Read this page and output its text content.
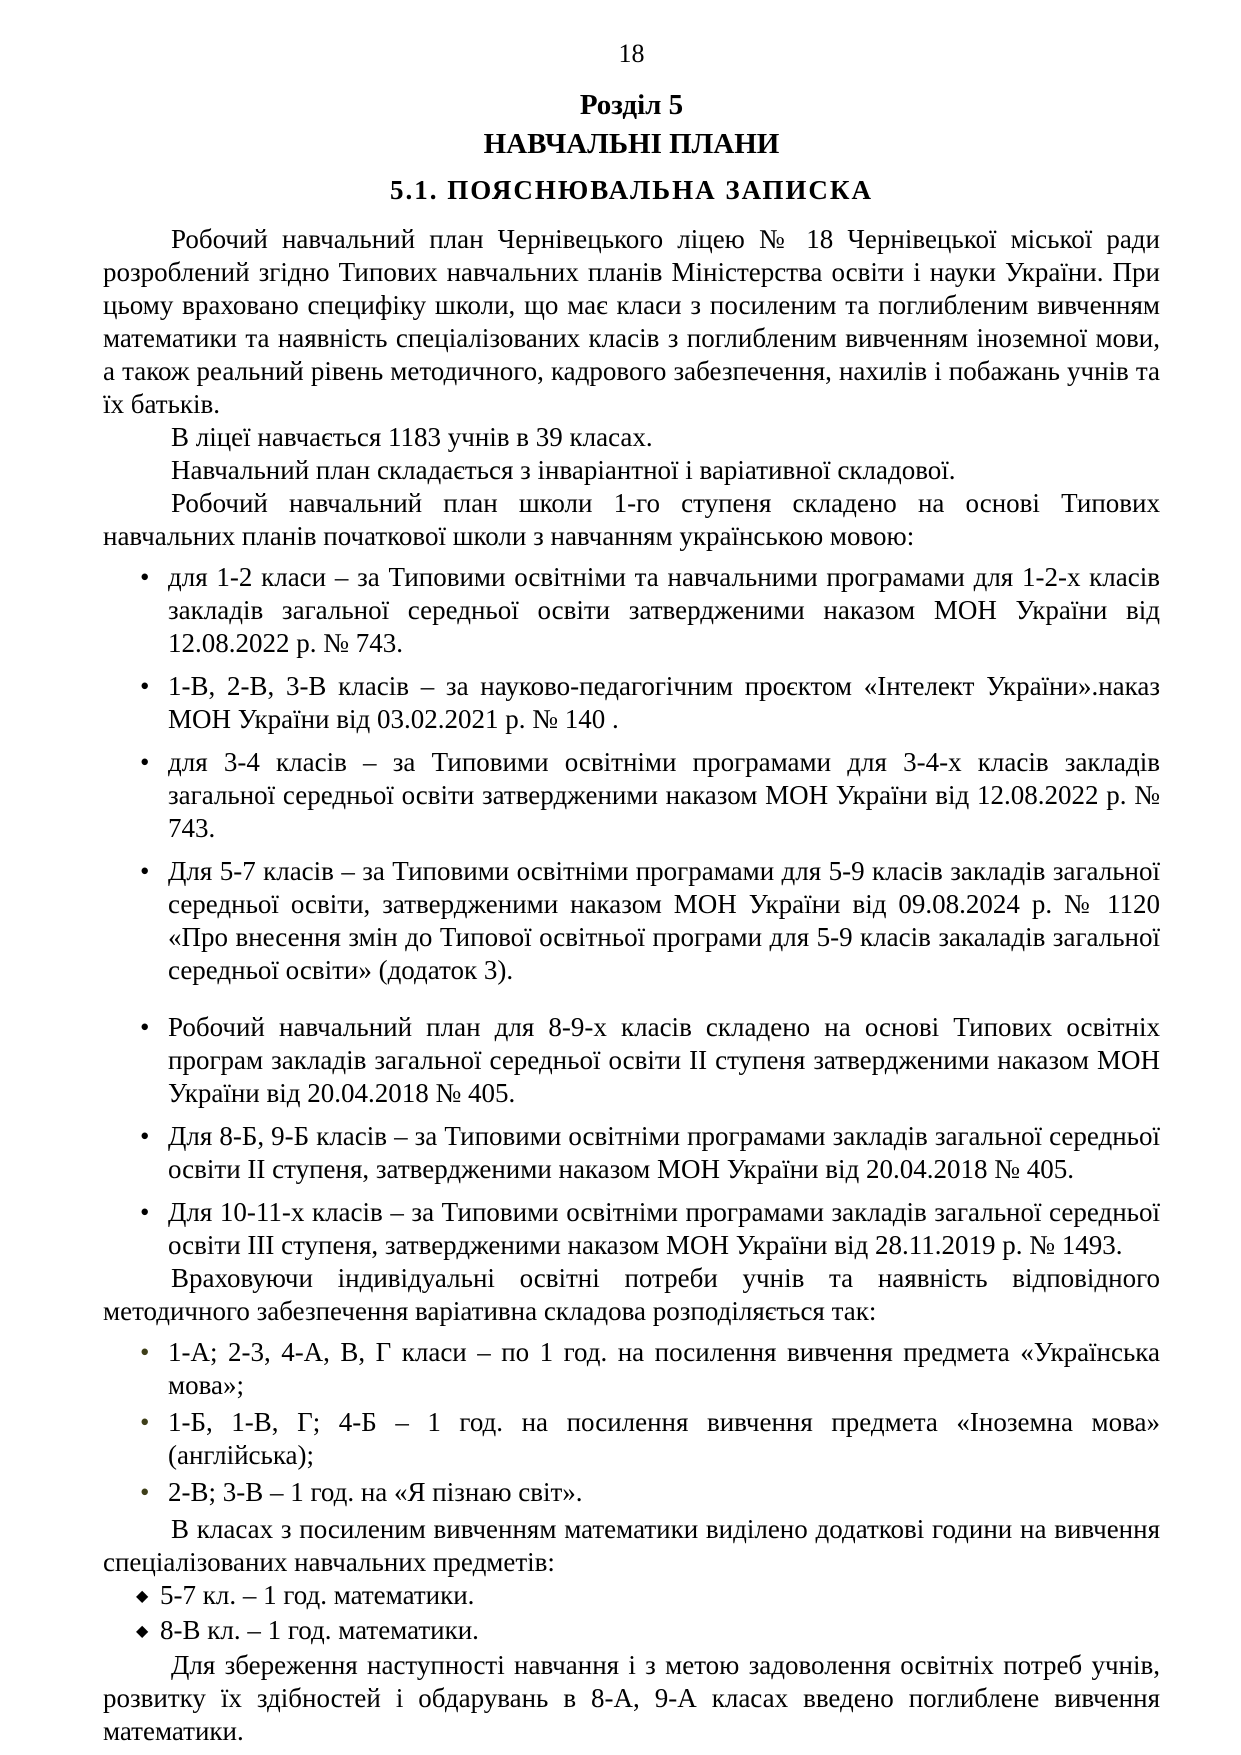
18
Розділ 5
НАВЧАЛЬНІ ПЛАНИ
5.1. ПОЯСНЮВАЛЬНА ЗАПИСКА

Робочий навчальний план Чернівецького ліцею № 18 Чернівецької міської ради розроблений згідно Типових навчальних планів Міністерства освіти і науки України. При цьому враховано специфіку школи, що має класи з посиленим та поглибленим вивченням математики та наявність спеціалізованих класів з поглибленим вивченням іноземної мови, а також реальний рівень методичного, кадрового забезпечення, нахилів і побажань учнів та їх батьків.

В ліцеї навчається 1183 учнів в 39 класах.

Навчальний план складається з інваріантної і варіативної складової.

Робочий навчальний план школи 1-го ступеня складено на основі Типових навчальних планів початкової школи з навчанням українською мовою:

• для 1-2 класи – за Типовими освітніми та навчальними програмами для 1-2-х класів закладів загальної середньої освіти затвердженими наказом МОН України від 12.08.2022 р. № 743.
• 1-В, 2-В, 3-В класів – за науково-педагогічним проєктом «Інтелект України».наказ МОН України від 03.02.2021 р. № 140 .
• для 3-4 класів – за Типовими освітніми програмами для 3-4-х класів закладів загальної середньої освіти затвердженими наказом МОН України від 12.08.2022 р. № 743.
• Для 5-7 класів – за Типовими освітніми програмами для 5-9 класів закладів загальної середньої освіти, затвердженими наказом МОН України від 09.08.2024 р. № 1120 «Про внесення змін до Типової освітньої програми для 5-9 класів закаладів загальної середньої освіти» (додаток 3).
• Робочий навчальний план для 8-9-х класів складено на основі Типових освітніх програм закладів загальної середньої освіти ІІ ступеня затвердженими наказом МОН України від 20.04.2018 № 405.
• Для 8-Б, 9-Б класів – за Типовими освітніми програмами закладів загальної середньої освіти ІІ ступеня, затвердженими наказом МОН України від 20.04.2018 № 405.
• Для 10-11-х класів – за Типовими освітніми програмами закладів загальної середньої освіти ІІІ ступеня, затвердженими наказом МОН України від 28.11.2019 р. № 1493.

Враховуючи індивідуальні освітні потреби учнів та наявність відповідного методичного забезпечення варіативна складова розподіляється так:

• 1-А; 2-3, 4-А, В, Г класи – по 1 год. на посилення вивчення предмета «Українська мова»;
• 1-Б, 1-В, Г; 4-Б – 1 год. на посилення вивчення предмета «Іноземна мова» (англійська);
• 2-В; 3-В – 1 год. на «Я пізнаю світ».

В класах з посиленим вивченням математики виділено додаткові години на вивчення спеціалізованих навчальних предметів:

◆ 5-7 кл. – 1 год. математики.
◆ 8-В кл. – 1 год. математики.

Для збереження наступності навчання і з метою задоволення освітніх потреб учнів, розвитку їх здібностей і обдарувань в 8-А, 9-А класах введено поглиблене вивчення математики.
